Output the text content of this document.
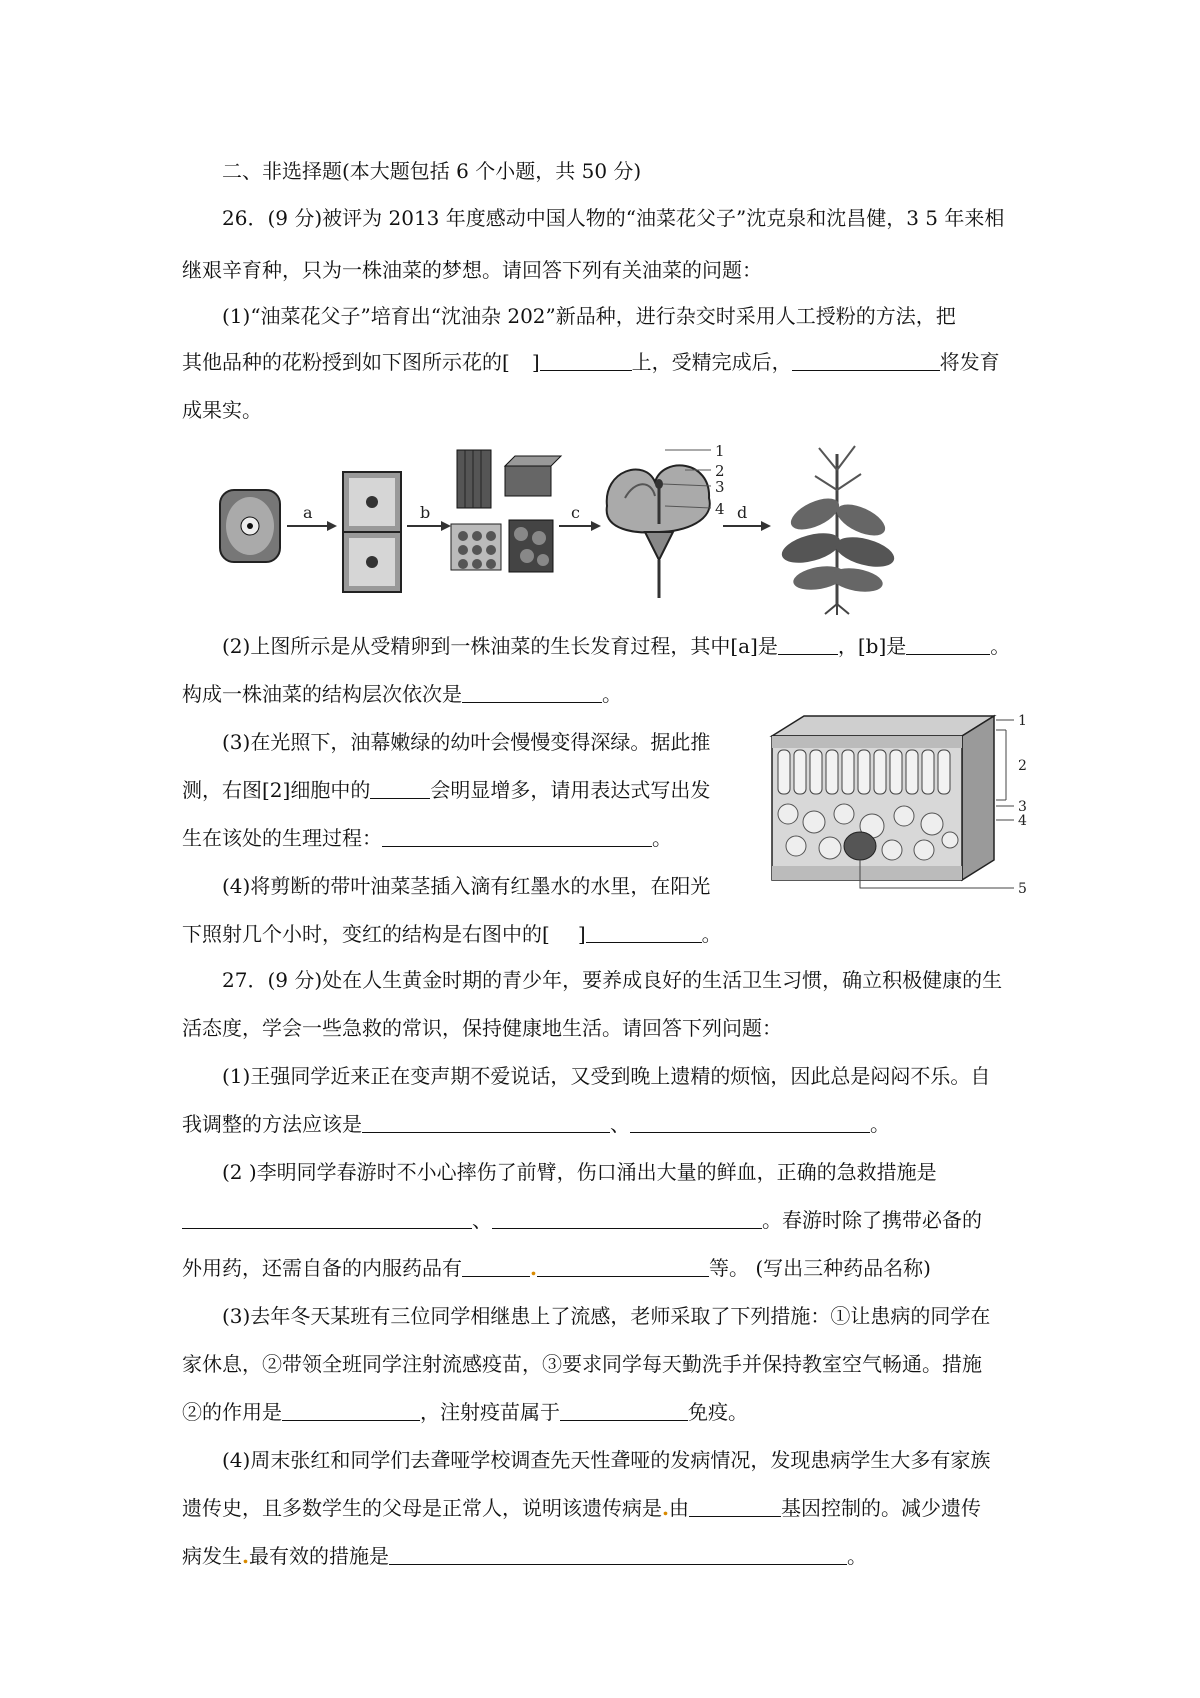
二、非选择题(本大题包括 6 个小题，共 50 分)
26．(9 分)被评为 2013 年度感动中国人物的“油菜花父子”沈克泉和沈昌健，3 5 年来相
继艰辛育种，只为一株油菜的梦想。请回答下列有关油菜的问题：
(1)“油菜花父子”培育出“沈油杂 202”新品种，进行杂交时采用人工授粉的方法，把
其他品种的花粉授到如下图所示花的[ ]	上，受精完成后，	将发育
成果实。
a	b	c
1
2
3
4 d
(2)上图所示是从受精卵到一株油菜的生长发育过程，其中[a]是	，[b]是	。
构成一株油菜的结构层次依次是	。
(3)在光照下，油幕嫩绿的幼叶会慢慢变得深绿。据此推
测，右图[2]细胞中的	会明显增多，请用表达式写出发
生在该处的生理过程：	。
(4)将剪断的带叶油菜茎插入滴有红墨水的水里，在阳光
下照射几个小时，变红的结构是右图中的[ ]	。
1
2
3
4
5
27．(9 分)处在人生黄金时期的青少年，要养成良好的生活卫生习惯，确立积极健康的生
活态度，学会一些急救的常识，保持健康地生活。请回答下列问题：
(1)王强同学近来正在变声期不爱说话，又受到晚上遗精的烦恼，因此总是闷闷不乐。自
我调整的方法应该是	、	。
(2 )李明同学春游时不小心摔伤了前臂，伤口涌出大量的鲜血，正确的急救措施是
、	。春游时除了携带必备的
外用药，还需自备的内服药品有	.	等。 (写出三种药品名称)
(3)去年冬天某班有三位同学相继患上了流感，老师采取了下列措施：①让患病的同学在
家休息，②带领全班同学注射流感疫苗，③要求同学每天勤洗手并保持教室空气畅通。措施
②的作用是	，注射疫苗属于	免疫。
(4)周末张红和同学们去聋哑学校调查先天性聋哑的发病情况，发现患病学生大多有家族
遗传史，且多数学生的父母是正常人，说明该遗传病是.由	基因控制的。减少遗传
病发生.最有效的措施是	。
